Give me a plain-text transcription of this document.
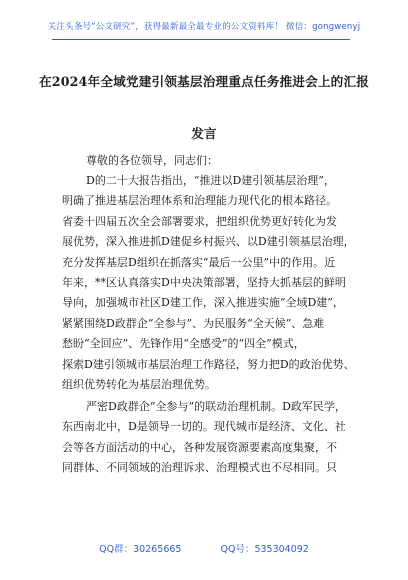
关注头条号“公文研究”，获得最新最全最专业的公文资料库！ 微信：gongwenyj
在2024年全域党建引领基层治理重点任务推进会上的汇报
发言
尊敬的各位领导，同志们：
D的二十大报告指出，“推进以D建引领基层治理”，
明确了推进基层治理体系和治理能力现代化的根本路径。
省委十四届五次全会部署要求，把组织优势更好转化为发
展优势，深入推进抓D建促乡村振兴、以D建引领基层治理，
充分发挥基层D组织在抓落实“最后一公里”中的作用。近
年来，**区认真落实D中央决策部署，坚持大抓基层的鲜明
导向，加强城市社区D建工作，深入推进实施“全域D建”，
紧紧围绕D政群企“全参与”、为民服务“全天候”、急难
愁盼“全回应”、先锋作用“全感受”的“四全”模式，
探索D建引领城市基层治理工作路径，努力把D的政治优势、
组织优势转化为基层治理优势。
严密D政群企“全参与”的联动治理机制。D政军民学，
东西南北中，D是领导一切的。现代城市是经济、文化、社
会等各方面活动的中心，各种发展资源要素高度集聚，不
同群体、不同领域的治理诉求、治理模式也不尽相同。只
QQ群：30265665	QQ号：535304092
